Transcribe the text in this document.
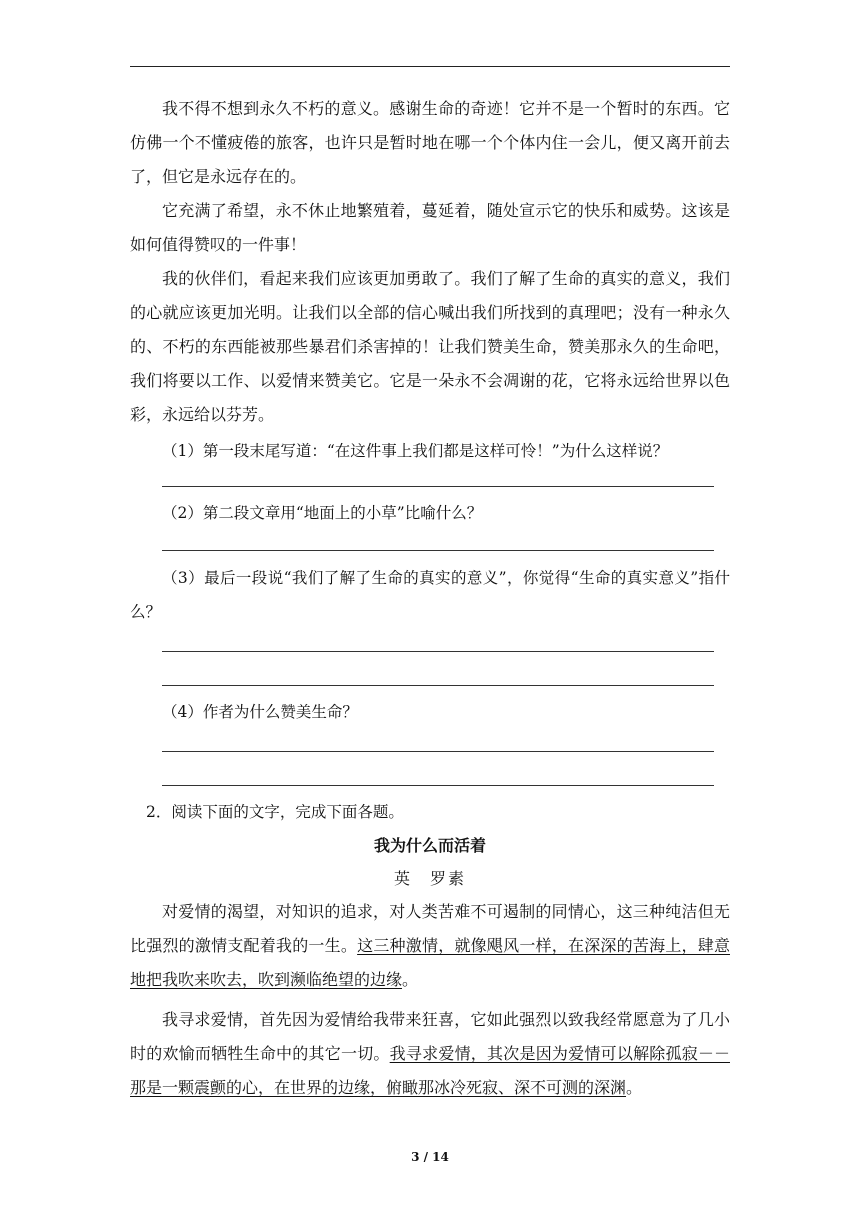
我不得不想到永久不朽的意义。感谢生命的奇迹！它并不是一个暂时的东西。它仿佛一个不懂疲倦的旅客，也许只是暂时地在哪一个个体内住一会儿，便又离开前去了，但它是永远存在的。

它充满了希望，永不休止地繁殖着，蔓延着，随处宣示它的快乐和威势。这该是如何值得赞叹的一件事！

我的伙伴们，看起来我们应该更加勇敢了。我们了解了生命的真实的意义，我们的心就应该更加光明。让我们以全部的信心喊出我们所找到的真理吧；没有一种永久的、不朽的东西能被那些暴君们杀害掉的！让我们赞美生命，赞美那永久的生命吧，我们将要以工作、以爱情来赞美它。它是一朵永不会凋谢的花，它将永远给世界以色彩，永远给以芬芳。

（1）第一段末尾写道：“在这件事上我们都是这样可怜！”为什么这样说？

（2）第二段文章用“地面上的小草”比喻什么？

（3）最后一段说“我们了解了生命的真实的意义”，你觉得“生命的真实意义”指什么？

（4）作者为什么赞美生命？

2．阅读下面的文字，完成下面各题。

我为什么而活着

英　罗素

对爱情的渴望，对知识的追求，对人类苦难不可遏制的同情心，这三种纯洁但无比强烈的激情支配着我的一生。这三种激情，就像飓风一样，在深深的苦海上，肆意地把我吹来吹去，吹到濒临绝望的边缘。

我寻求爱情，首先因为爱情给我带来狂喜，它如此强烈以致我经常愿意为了几小时的欢愉而牺牲生命中的其它一切。我寻求爱情，其次是因为爱情可以解除孤寂－－那是一颗震颤的心，在世界的边缘，俯瞰那冰冷死寂、深不可测的深渊。

3 / 14
